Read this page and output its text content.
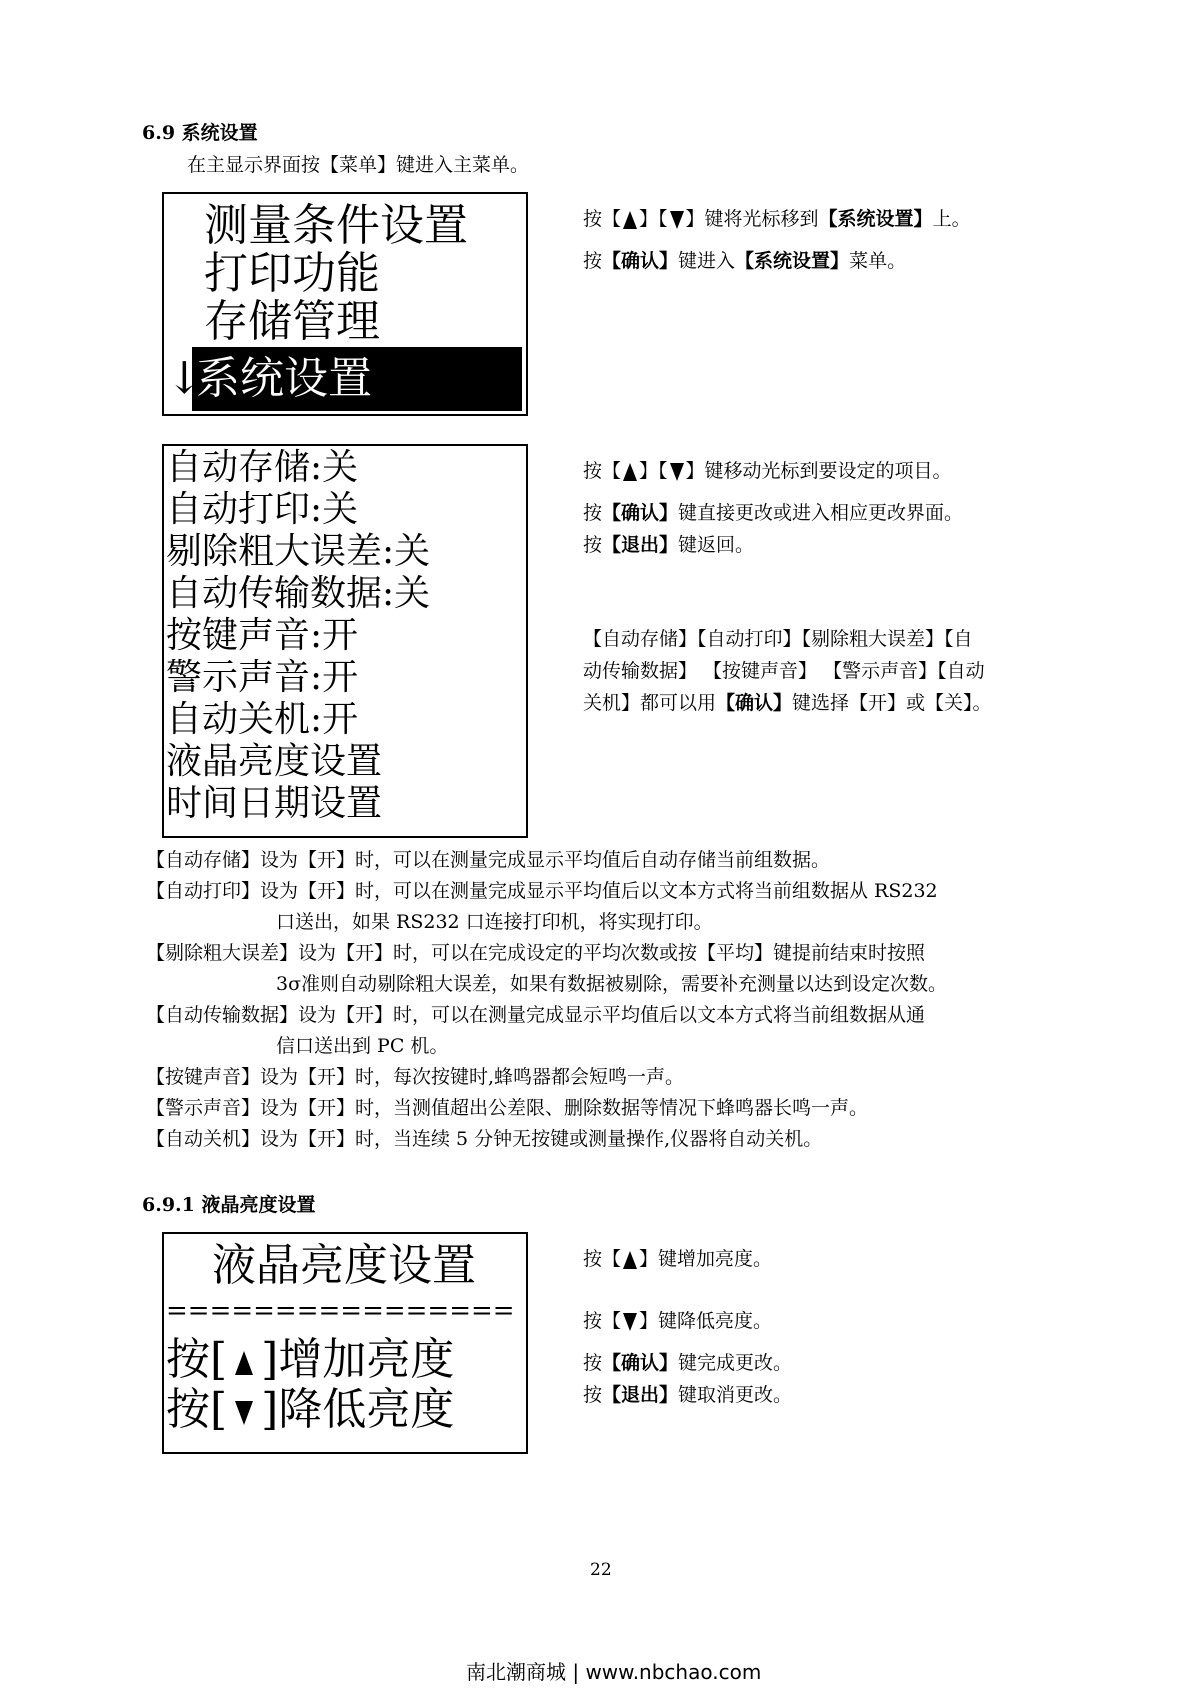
6.9 系统设置
在主显示界面按【菜单】键进入主菜单。
测量条件设置
打印功能
存储管理
↓
系统设置
按【 】【 】键将光标移到【系统设置】上。
按【确认】键进入【系统设置】菜单。
自动存储:关
自动打印:关
剔除粗大误差:关
自动传输数据:关
按键声音:开
警示声音:开
自动关机:开
液晶亮度设置
时间日期设置
按【 】【 】键移动光标到要设定的项目。
按【确认】键直接更改或进入相应更改界面。
按【退出】键返回。
【自动存储】【自动打印】【剔除粗大误差】【自
动传输数据】 【按键声音】 【警示声音】【自动
关机】都可以用【确认】键选择【开】或【关】。
【自动存储】设为【开】时，可以在测量完成显示平均值后自动存储当前组数据。
【自动打印】设为【开】时，可以在测量完成显示平均值后以文本方式将当前组数据从 RS232
口送出，如果 RS232 口连接打印机，将实现打印。
【剔除粗大误差】设为【开】时，可以在完成设定的平均次数或按【平均】键提前结束时按照
3σ准则自动剔除粗大误差，如果有数据被剔除，需要补充测量以达到设定次数。
【自动传输数据】设为【开】时，可以在测量完成显示平均值后以文本方式将当前组数据从通
信口送出到 PC 机。
【按键声音】设为【开】时，每次按键时,蜂鸣器都会短鸣一声。
【警示声音】设为【开】时，当测值超出公差限、删除数据等情况下蜂鸣器长鸣一声。
【自动关机】设为【开】时，当连续 5 分钟无按键或测量操作,仪器将自动关机。
6.9.1 液晶亮度设置
液晶亮度设置
================
按[ ]增加亮度
按[ ]降低亮度
按【 】键增加亮度。
按【 】键降低亮度。
按【确认】键完成更改。
按【退出】键取消更改。
22
南北潮商城 | www.nbchao.com
